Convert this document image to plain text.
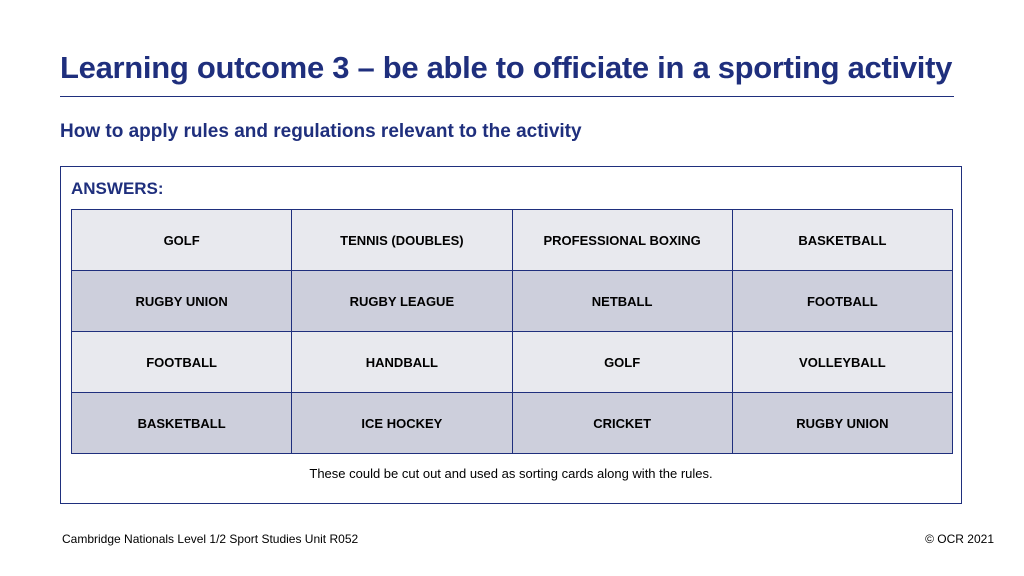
Learning outcome 3 – be able to officiate in a sporting activity
How to apply rules and regulations relevant to the activity
ANSWERS:
GOLF	TENNIS (DOUBLES)	PROFESSIONAL BOXING	BASKETBALL
RUGBY UNION	RUGBY LEAGUE	NETBALL	FOOTBALL
FOOTBALL	HANDBALL	GOLF	VOLLEYBALL
BASKETBALL	ICE HOCKEY	CRICKET	RUGBY UNION
These could be cut out and used as sorting cards along with the rules.
Cambridge Nationals Level 1/2 Sport Studies Unit R052	© OCR 2021
